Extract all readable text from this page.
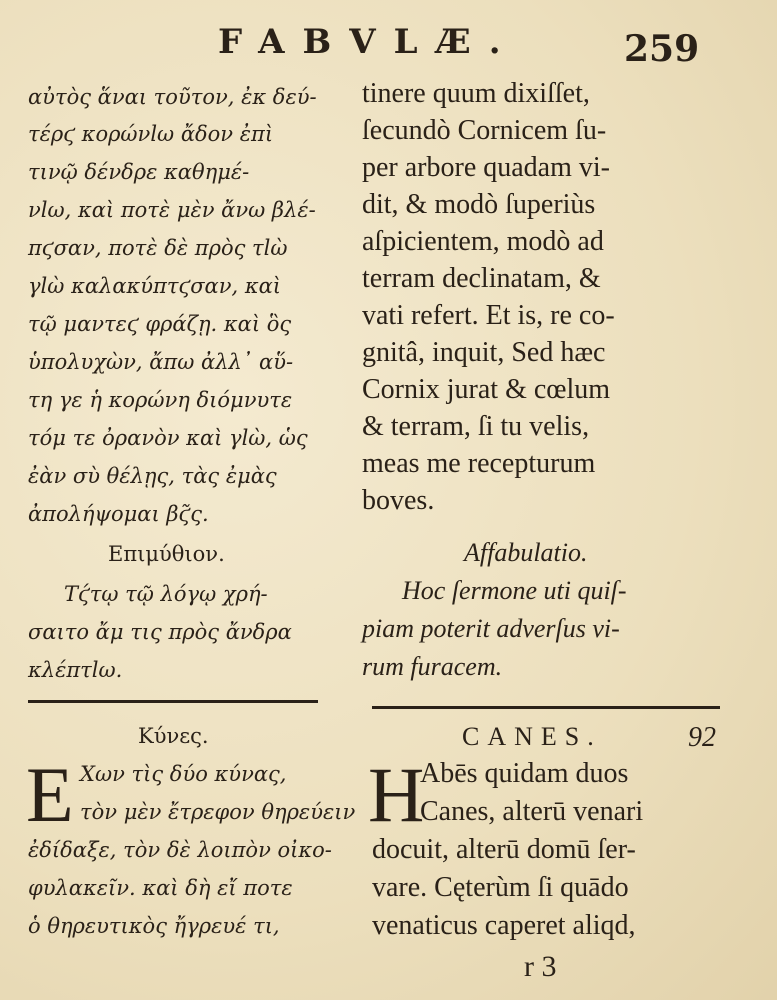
FABVLÆ.	259
αὐτὸς ἅναι τοῦτον, ἐκ δεύ-
τέρϛ κορώνlω ἄδον ἐπὶ
τινῷ δένδρε καθημέ-
νlω, καὶ ποτὲ μὲν ἄνω βλέ-
πϛσαν, ποτὲ δὲ πρὸς τlὼ
γlὼ καλακύπτϛσαν, καὶ
τῷ μαντεϛ φράζῃ. καὶ ὃς
ὑπολυχὼν, ἄπω ἀλλ᾽ αὕ-
τη γε ἡ κορώνη διόμνυτε
τόμ τε ὀρανὸν καὶ γlὼ, ὡς
ἐὰν σὺ θέλῃς, τὰς ἐμὰς
ἀπολήψομαι βϛ̃ς.
Επιμύθιον.
Τϛ́τῳ τῷ λόγῳ χρή-
σαιτο ἄμ τις πρὸς ἄνδρα
κλέπτlω.
tinere quum dixiſſet,
ſecundò Cornicem ſu-
per arbore quadam vi-
dit, & modò ſuperiùs
aſpicientem, modò ad
terram declinatam, &
vati refert. Et is, re co-
gnitâ, inquit, Sed hæc
Cornix jurat & cœlum
& terram, ſi tu velis,
meas me recepturum
boves.
Affabulatio.
Hoc ſermone uti quiſ-
piam poterit adverſus vi-
rum furacem.
Κύνες.
E Χων τὶς δύο κύνας,
τὸν μὲν ἔτρεφον θηρεύειν
ἐδίδαξε, τὸν δὲ λοιπὸν οἰκο-
φυλακεῖν. καὶ δὴ εἴ ποτε
ὁ θηρευτικὸς ἤγρευέ τι,
CANES.	92
H
Abēs quidam duos
Canes, alterū venari
docuit, alterū domū ſer-
vare. Cęterùm ſi quādo
venaticus caperet aliqd,
r 3
